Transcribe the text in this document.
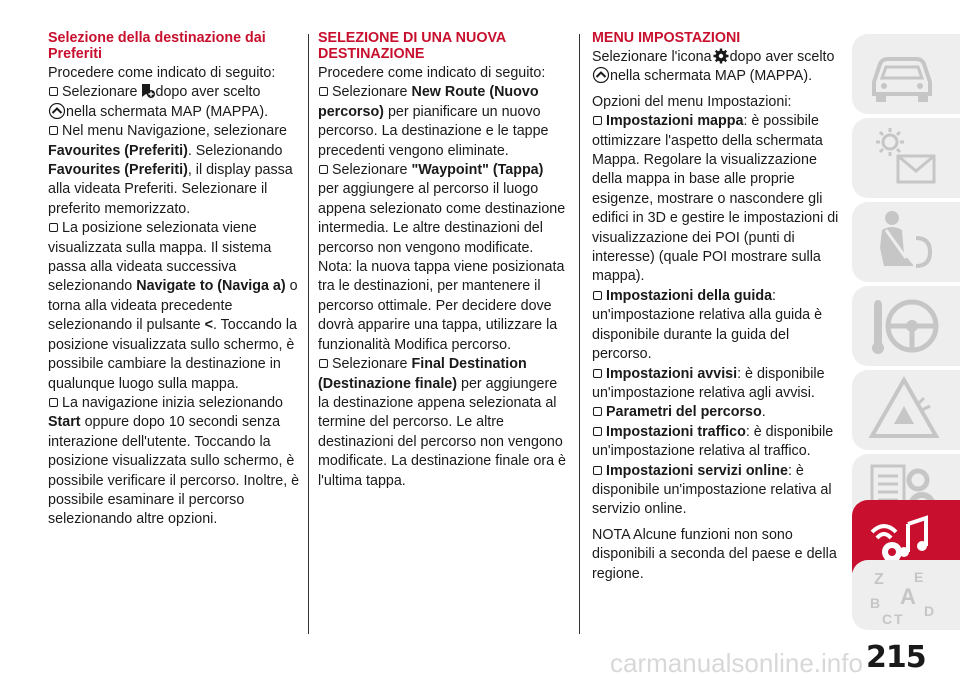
Selezione della destinazione dai Preferiti

Procedere come indicato di seguito:

Selezionare dopo aver scelto
nella schermata MAP (MAPPA).

Nel menu Navigazione, selezionare Favourites (Preferiti). Selezionando Favourites (Preferiti), il display passa alla videata Preferiti. Selezionare il preferito memorizzato.

La posizione selezionata viene visualizzata sulla mappa. Il sistema passa alla videata successiva selezionando Navigate to (Naviga a) o torna alla videata precedente selezionando il pulsante <. Toccando la posizione visualizzata sullo schermo, è possibile cambiare la destinazione in qualunque luogo sulla mappa.

La navigazione inizia selezionando Start oppure dopo 10 secondi senza interazione dell'utente. Toccando la posizione visualizzata sullo schermo, è possibile verificare il percorso. Inoltre, è possibile esaminare il percorso selezionando altre opzioni.

SELEZIONE DI UNA NUOVA DESTINAZIONE

Procedere come indicato di seguito:

Selezionare New Route (Nuovo percorso) per pianificare un nuovo percorso. La destinazione e le tappe precedenti vengono eliminate.

Selezionare "Waypoint" (Tappa) per aggiungere al percorso il luogo appena selezionato come destinazione intermedia. Le altre destinazioni del percorso non vengono modificate. Nota: la nuova tappa viene posizionata tra le destinazioni, per mantenere il percorso ottimale. Per decidere dove dovrà apparire una tappa, utilizzare la funzionalità Modifica percorso.

Selezionare Final Destination (Destinazione finale) per aggiungere la destinazione appena selezionata al termine del percorso. Le altre destinazioni del percorso non vengono modificate. La destinazione finale ora è l'ultima tappa.

MENU IMPOSTAZIONI

Selezionare l'icona dopo aver scelto
nella schermata MAP (MAPPA).

Opzioni del menu Impostazioni:

Impostazioni mappa: è possibile ottimizzare l'aspetto della schermata Mappa. Regolare la visualizzazione della mappa in base alle proprie esigenze, mostrare o nascondere gli edifici in 3D e gestire le impostazioni di visualizzazione dei POI (punti di interesse) (quale POI mostrare sulla mappa).

Impostazioni della guida: un'impostazione relativa alla guida è disponibile durante la guida del percorso.

Impostazioni avvisi: è disponibile un'impostazione relativa agli avvisi.

Parametri del percorso.

Impostazioni traffico: è disponibile un'impostazione relativa al traffico.

Impostazioni servizi online: è disponibile un'impostazione relativa al servizio online.

NOTA Alcune funzioni non sono disponibili a seconda del paese e della regione.	Z E
A
B
C D
T
carmanualsonline.info 215
